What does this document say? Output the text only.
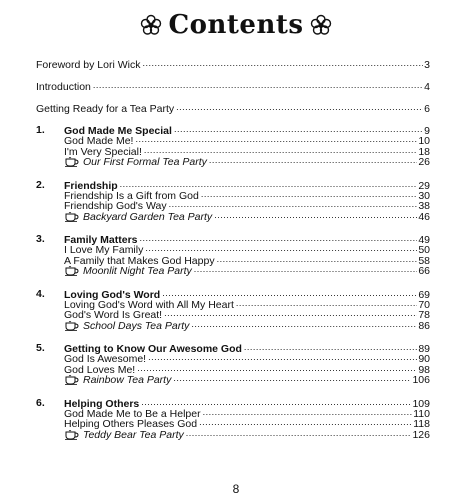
Contents
Foreword by Lori Wick .....	3
Introduction .....	4
Getting Ready for a Tea Party .....	6
1. God Made Me Special .....	9
God Made Me! .....	10
I'm Very Special! .....	18
Our First Formal Tea Party .....	26
2. Friendship .....	29
Friendship Is a Gift from God .....	30
Friendship God's Way .....	38
Backyard Garden Tea Party .....	46
3. Family Matters .....	49
I Love My Family .....	50
A Family that Makes God Happy .....	58
Moonlit Night Tea Party .....	66
4. Loving God's Word .....	69
Loving God's Word with All My Heart .....	70
God's Word Is Great! .....	78
School Days Tea Party .....	86
5. Getting to Know Our Awesome God .....	89
God Is Awesome! .....	90
God Loves Me! .....	98
Rainbow Tea Party .....	106
6. Helping Others .....	109
God Made Me to Be a Helper .....	110
Helping Others Pleases God .....	118
Teddy Bear Tea Party .....	126
8
